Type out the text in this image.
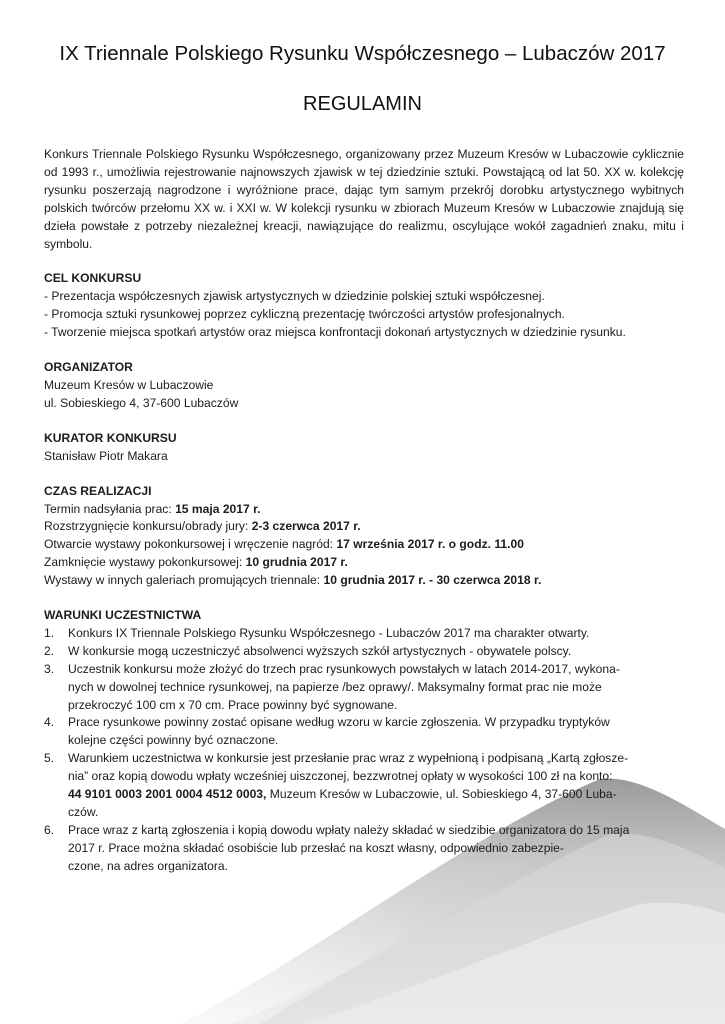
IX Triennale Polskiego Rysunku Współczesnego – Lubaczów 2017
REGULAMIN

Konkurs Triennale Polskiego Rysunku Współczesnego, organizowany przez Muzeum Kresów w Lubaczowie cyklicznie od 1993 r., umożliwia rejestrowanie najnowszych zjawisk w tej dziedzinie sztuki. Powstającą od lat 50. XX w. kolekcję rysunku poszerzają nagrodzone i wyróżnione prace, dając tym samym przekrój dorobku artystycznego wybitnych polskich twórców przełomu XX w. i XXI w. W kolekcji rysunku w zbiorach Muzeum Kresów w Lubaczowie znajdują się dzieła powstałe z potrzeby niezależnej kreacji, nawiązujące do realizmu, oscylujące wokół zagadnień znaku, mitu i symbolu.

CEL KONKURSU

- Prezentacja współczesnych zjawisk artystycznych w dziedzinie polskiej sztuki współczesnej.

- Promocja sztuki rysunkowej poprzez cykliczną prezentację twórczości artystów profesjonalnych.

- Tworzenie miejsca spotkań artystów oraz miejsca konfrontacji dokonań artystycznych w dziedzinie rysunku.

ORGANIZATOR

Muzeum Kresów w Lubaczowie

ul. Sobieskiego 4, 37-600 Lubaczów

KURATOR KONKURSU

Stanisław Piotr Makara

CZAS REALIZACJI

Termin nadsyłania prac: 15 maja 2017 r.

Rozstrzygnięcie konkursu/obrady jury: 2-3 czerwca 2017 r.

Otwarcie wystawy pokonkursowej i wręczenie nagród: 17 września 2017 r. o godz. 11.00

Zamknięcie wystawy pokonkursowej: 10 grudnia 2017 r.

Wystawy w innych galeriach promujących triennale: 10 grudnia 2017 r. - 30 czerwca 2018 r.

WARUNKI UCZESTNICTWA

1. Konkurs IX Triennale Polskiego Rysunku Współczesnego - Lubaczów 2017 ma charakter otwarty.
2. W konkursie mogą uczestniczyć absolwenci wyższych szkół artystycznych - obywatele polscy.
3. Uczestnik konkursu może złożyć do trzech prac rysunkowych powstałych w latach 2014-2017, wykona-
nych w dowolnej technice rysunkowej, na papierze /bez oprawy/. Maksymalny format prac nie może
przekroczyć 100 cm x 70 cm. Prace powinny być sygnowane.
4. Prace rysunkowe powinny zostać opisane według wzoru w karcie zgłoszenia. W przypadku tryptyków
kolejne części powinny być oznaczone.
5. Warunkiem uczestnictwa w konkursie jest przesłanie prac wraz z wypełnioną i podpisaną „Kartą zgłosze-
nia” oraz kopią dowodu wpłaty wcześniej uiszczonej, bezzwrotnej opłaty w wysokości 100 zł na konto:
44 9101 0003 2001 0004 4512 0003, Muzeum Kresów w Lubaczowie, ul. Sobieskiego 4, 37-600 Luba-
czów.
6. Prace wraz z kartą zgłoszenia i kopią dowodu wpłaty należy składać w siedzibie organizatora do 15 maja
2017 r. Prace można składać osobiście lub przesłać na koszt własny, odpowiednio zabezpie-
czone, na adres organizatora.
